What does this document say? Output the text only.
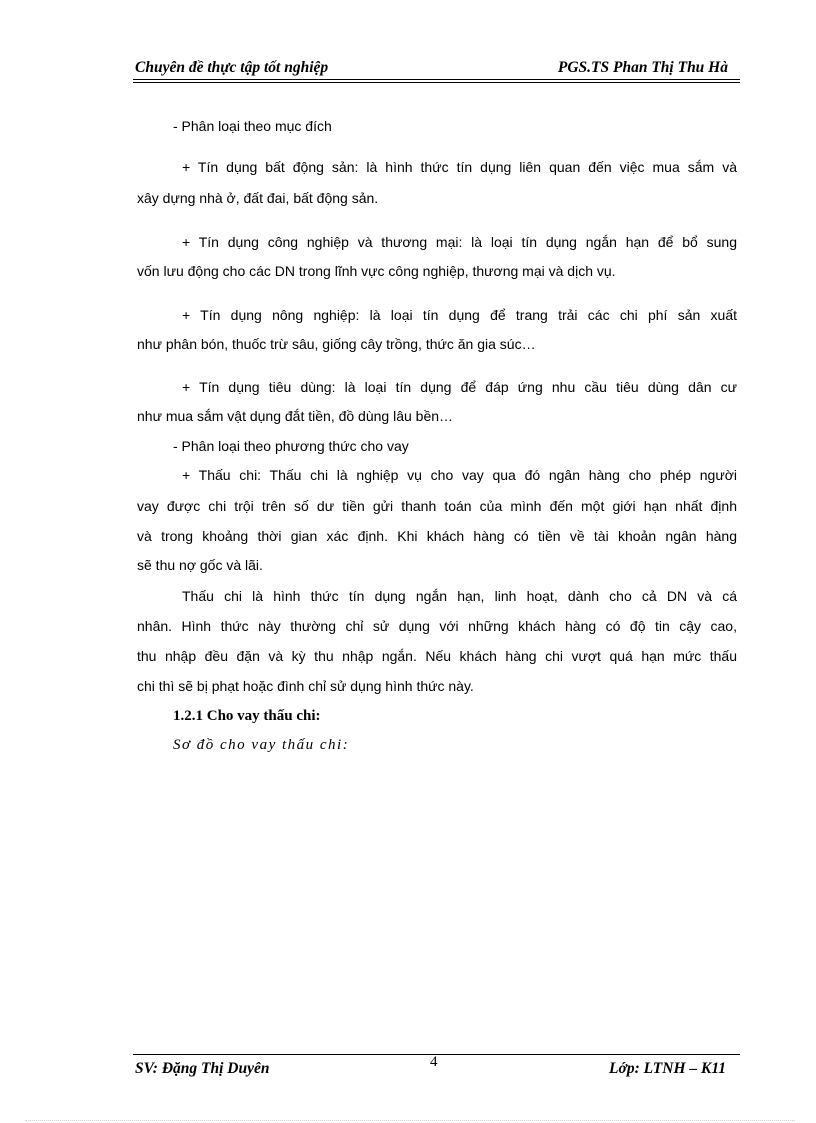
Chuyên đề thực tập tốt nghiệp	PGS.TS Phan Thị Thu Hà
- Phân loại theo mục đích
+ Tín dụng bất động sản: là hình thức tín dụng liên quan đến việc mua sắm và
xây dựng nhà ở, đất đai, bất động sản.
+ Tín dụng công nghiệp và thương mại: là loại tín dụng ngắn hạn để bổ sung
vốn lưu động cho các DN trong lĩnh vực công nghiệp, thương mại và dịch vụ.
+ Tín dụng nông nghiệp: là loại tín dụng để trang trải các chi phí sản xuất
như phân bón, thuốc trừ sâu, giống cây trồng, thức ăn gia súc…
+ Tín dụng tiêu dùng: là loại tín dụng để đáp ứng nhu cầu tiêu dùng dân cư
như mua sắm vật dụng đắt tiền, đồ dùng lâu bền…
- Phân loại theo phương thức cho vay
+ Thấu chi: Thấu chi là nghiệp vụ cho vay qua đó ngân hàng cho phép người
vay được chi trội trên số dư tiền gửi thanh toán của mình đến một giới hạn nhất định
và trong khoảng thời gian xác định. Khi khách hàng có tiền về tài khoản ngân hàng
sẽ thu nợ gốc và lãi.
Thấu chi là hình thức tín dụng ngắn hạn, linh hoạt, dành cho cả DN và cá
nhân. Hình thức này thường chỉ sử dụng với những khách hàng có độ tin cậy cao,
thu nhập đều đặn và kỳ thu nhập ngắn. Nếu khách hàng chi vượt quá hạn mức thấu
chi thì sẽ bị phạt hoặc đình chỉ sử dụng hình thức này.
1.2.1 Cho vay thấu chi:
Sơ đồ cho vay thấu chi:
SV: Đặng Thị Duyên	4	Lớp: LTNH – K11
